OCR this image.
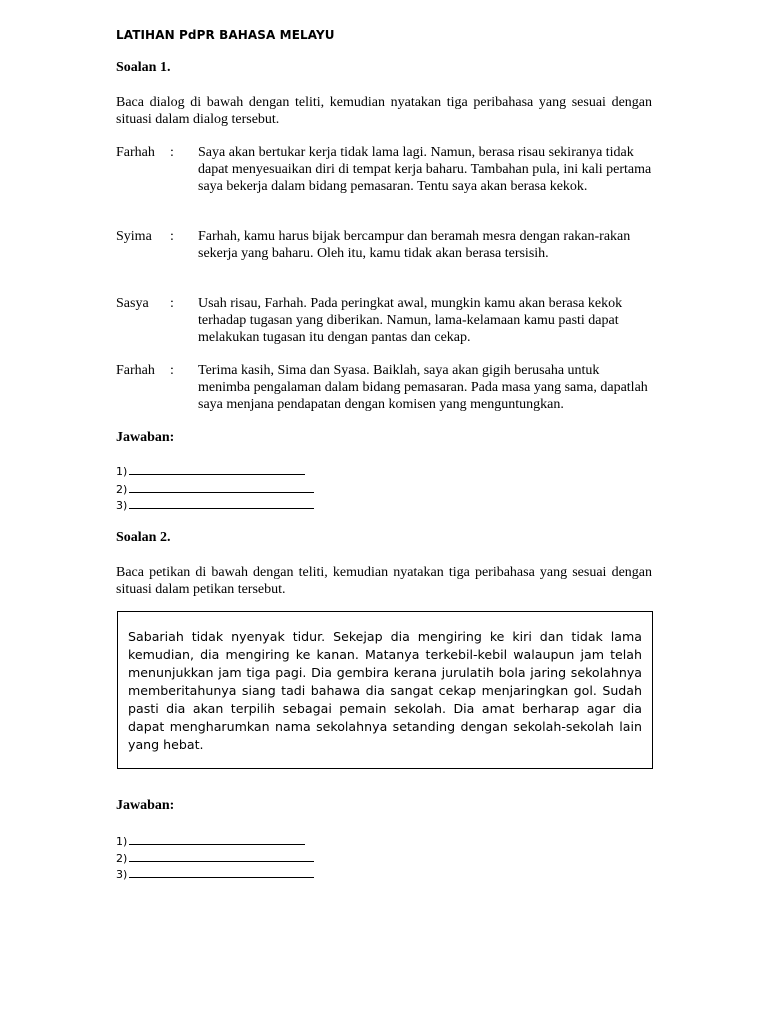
LATIHAN PdPR BAHASA MELAYU
Soalan 1.
Baca dialog di bawah dengan teliti, kemudian nyatakan tiga peribahasa yang sesuai dengan situasi dalam dialog tersebut.
Farhah : Saya akan bertukar kerja tidak lama lagi. Namun, berasa risau sekiranya tidak dapat menyesuaikan diri di tempat kerja baharu. Tambahan pula, ini kali pertama saya bekerja dalam bidang pemasaran. Tentu saya akan berasa kekok.
Syima : Farhah, kamu harus bijak bercampur dan beramah mesra dengan rakan-rakan sekerja yang baharu. Oleh itu, kamu tidak akan berasa tersisih.
Sasya : Usah risau, Farhah. Pada peringkat awal, mungkin kamu akan berasa kekok terhadap tugasan yang diberikan. Namun, lama-kelamaan kamu pasti dapat melakukan tugasan itu dengan pantas dan cekap.
Farhah : Terima kasih, Sima dan Syasa. Baiklah, saya akan gigih berusaha untuk menimba pengalaman dalam bidang pemasaran. Pada masa yang sama, dapatlah saya menjana pendapatan dengan komisen yang menguntungkan.
Jawaban:
1)
2)
3)
Soalan 2.
Baca petikan di bawah dengan teliti, kemudian nyatakan tiga peribahasa yang sesuai dengan situasi dalam petikan tersebut.

Sabariah tidak nyenyak tidur. Sekejap dia mengiring ke kiri dan tidak lama kemudian, dia mengiring ke kanan. Matanya terkebil-kebil walaupun jam telah menunjukkan jam tiga pagi. Dia gembira kerana jurulatih bola jaring sekolahnya memberitahunya siang tadi bahawa dia sangat cekap menjaringkan gol. Sudah pasti dia akan terpilih sebagai pemain sekolah. Dia amat berharap agar dia dapat mengharumkan nama sekolahnya setanding dengan sekolah-sekolah lain yang hebat.

Jawaban:
1)
2)
3)
